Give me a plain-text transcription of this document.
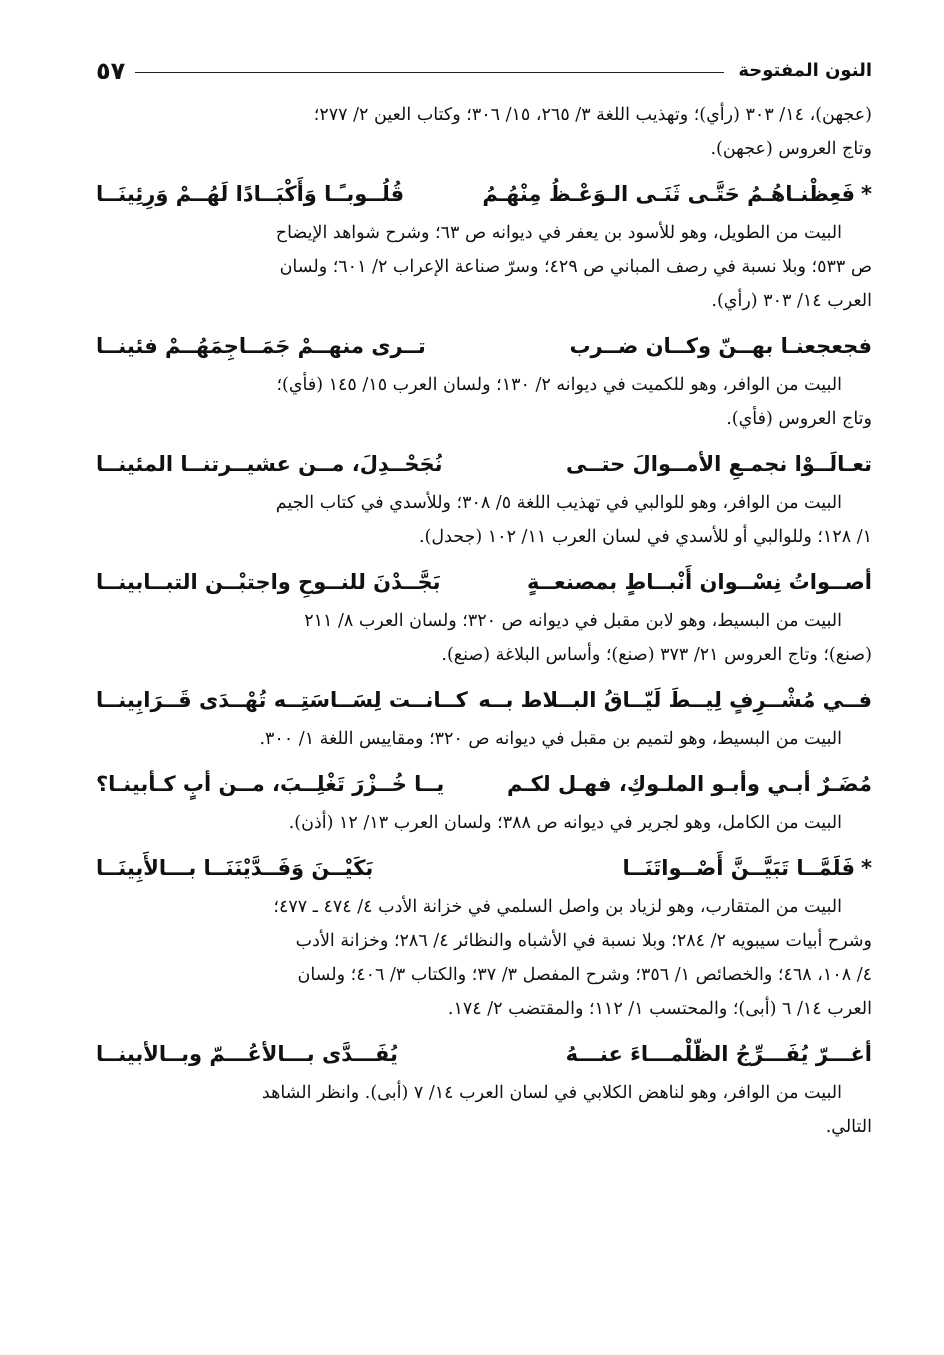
النون المفتوحة
٥٧

(عجهن)، ١٤/ ٣٠٣ (رأي)؛ وتهذيب اللغة ٣/ ٢٦٥، ١٥/ ٣٠٦؛ وكتاب العين ٢/ ٢٧٧؛

وتاج العروس (عجهن).

*فَعِظْنـاهُـمُ حَتَّـى ثَنَـى الـوَعْـظُ مِنْهُـمُ
قُلُــوبـًـا وَأَكْبَــادًا لَهُــمْ وَرِئِينَــا

البيت من الطويل، وهو للأسود بن يعفر في ديوانه ص ٦٣؛ وشرح شواهد الإيضاح

ص ٥٣٣؛ وبلا نسبة في رصف المباني ص ٤٢٩؛ وسرّ صناعة الإعراب ٢/ ٦٠١؛ ولسان

العرب ١٤/ ٣٠٣ (رأي).

فجعجعنـا بهــنّ وكــان ضــرب
تــرى منهــمْ جَمَــاجِمَهُــمْ فئينــا

البيت من الوافر، وهو للكميت في ديوانه ٢/ ١٣٠؛ ولسان العرب ١٥/ ١٤٥ (فأي)؛

وتاج العروس (فأي).

تعـالَــوْا نجمـعِ الأمــوالَ حتــى
نُجَحْــدِلَ، مــن عشيــرتنــا المئينــا

البيت من الوافر، وهو للوالبي في تهذيب اللغة ٥/ ٣٠٨؛ وللأسدي في كتاب الجيم

١/ ١٢٨؛ وللوالبي أو للأسدي في لسان العرب ١١/ ١٠٢ (جحدل).

أصــواتُ نِسْــوان أَنْبــاطٍ بمصنعــةٍ
بَجَّــدْنَ للنــوحِ واجتبْــن التبــابينــا

البيت من البسيط، وهو لابن مقبل في ديوانه ص ٣٢٠؛ ولسان العرب ٨/ ٢١١

(صنع)؛ وتاج العروس ٢١/ ٣٧٣ (صنع)؛ وأساس البلاغة (صنع).

فــي مُشْــرِفٍ لِيــطَ لَيّــاقُ البــلاط بــه
كــانــت لِسَــاسَتِــه تُهْــدَى قَــرَابِينــا

البيت من البسيط، وهو لتميم بن مقبل في ديوانه ص ٣٢٠؛ ومقاييس اللغة ١/ ٣٠٠.

مُضَـرٌ أبـي وأبـو الملـوكِ، فهـل لكـم
يــا خُــزْرَ تَغْلِــبَ، مــن أبٍ كـأبينـا؟

البيت من الكامل، وهو لجرير في ديوانه ص ٣٨٨؛ ولسان العرب ١٣/ ١٢ (أذن).

*فَلَمَّــا تَبَيَّــنَّ أَصْــواتَنَــا
بَكَيْــنَ وَفَــدَّيْنَنَــا بـــالأَبِينَــا

البيت من المتقارب، وهو لزياد بن واصل السلمي في خزانة الأدب ٤/ ٤٧٤ ـ ٤٧٧؛

وشرح أبيات سيبويه ٢/ ٢٨٤؛ وبلا نسبة في الأشباه والنظائر ٤/ ٢٨٦؛ وخزانة الأدب

٤/ ١٠٨، ٤٦٨؛ والخصائص ١/ ٣٥٦؛ وشرح المفصل ٣/ ٣٧؛ والكتاب ٣/ ٤٠٦؛ ولسان

العرب ١٤/ ٦ (أبى)؛ والمحتسب ١/ ١١٢؛ والمقتضب ٢/ ١٧٤.

أغـــرّ يُفَـــرِّجُ الظّلْمـــاءَ عنـــهُ
يُفَـــدَّى بـــالأعُـــمّ وبــالأبينــا

البيت من الوافر، وهو لناهض الكلابي في لسان العرب ١٤/ ٧ (أبى). وانظر الشاهد

التالي.
